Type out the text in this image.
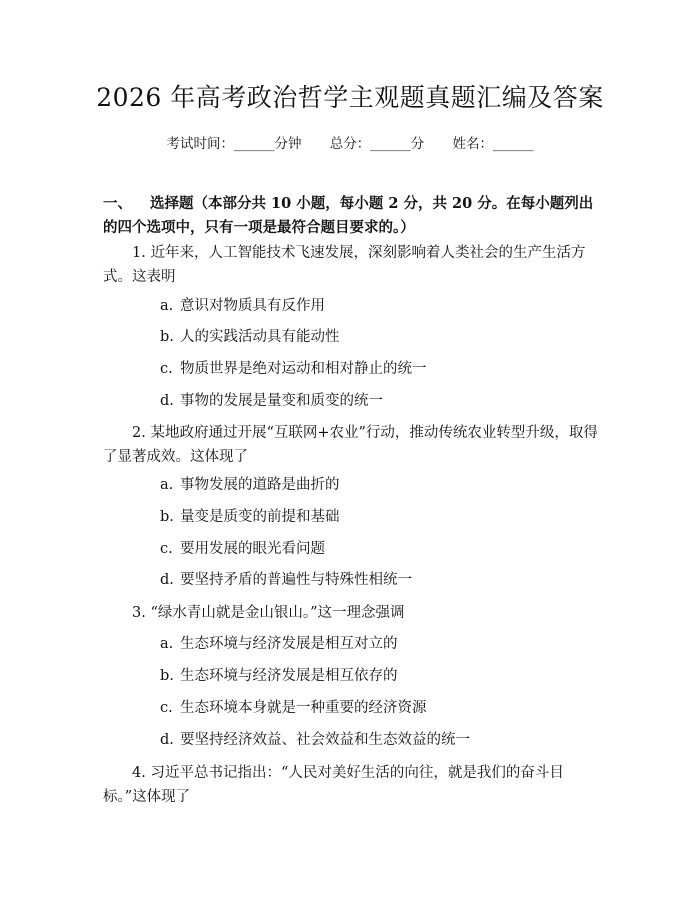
2026 年高考政治哲学主观题真题汇编及答案
考试时间：______分钟 总分：______分 姓名：______
一、 选择题（本部分共 10 小题，每小题 2 分，共 20 分。在每小题列出的四个选项中，只有一项是最符合题目要求的。）
1. 近年来，人工智能技术飞速发展，深刻影响着人类社会的生产生活方式。这表明
a. 意识对物质具有反作用
b. 人的实践活动具有能动性
c. 物质世界是绝对运动和相对静止的统一
d. 事物的发展是量变和质变的统一
2. 某地政府通过开展“互联网+农业”行动，推动传统农业转型升级，取得了显著成效。这体现了
a. 事物发展的道路是曲折的
b. 量变是质变的前提和基础
c. 要用发展的眼光看问题
d. 要坚持矛盾的普遍性与特殊性相统一
3. “绿水青山就是金山银山。”这一理念强调
a. 生态环境与经济发展是相互对立的
b. 生态环境与经济发展是相互依存的
c. 生态环境本身就是一种重要的经济资源
d. 要坚持经济效益、社会效益和生态效益的统一
4. 习近平总书记指出：“人民对美好生活的向往，就是我们的奋斗目标。”这体现了
